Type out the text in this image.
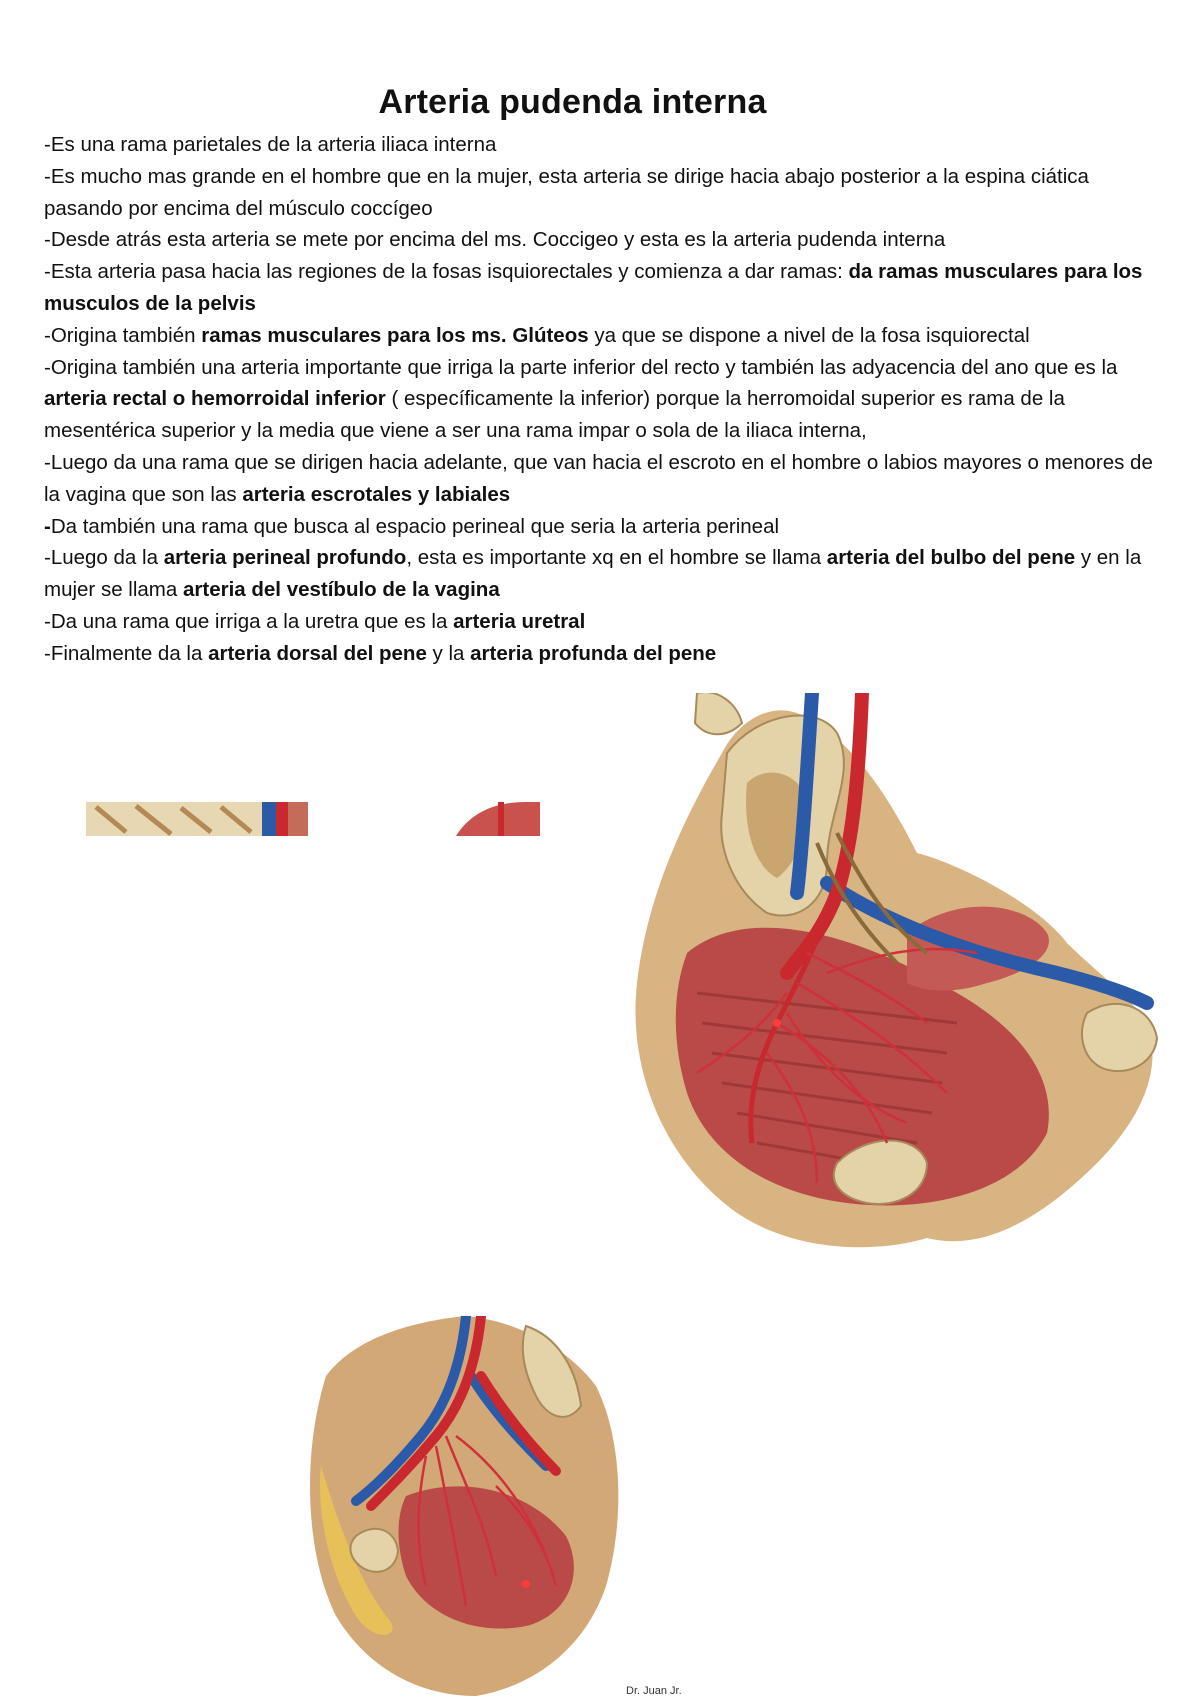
Arteria pudenda interna

-Es una rama parietales de la arteria iliaca interna

-Es mucho mas grande en el hombre que en la mujer, esta arteria se dirige hacia abajo posterior a la espina ciática pasando por encima del músculo coccígeo

-Desde atrás esta arteria se mete por encima del ms. Coccigeo y esta es la arteria pudenda interna

-Esta arteria pasa hacia las regiones de la fosas isquiorectales y comienza a dar ramas: da ramas musculares para los musculos de la pelvis

-Origina también ramas musculares para los ms. Glúteos ya que se dispone a nivel de la fosa isquiorectal

-Origina también una arteria importante que irriga la parte inferior del recto y también las adyacencia del ano que es la arteria rectal o hemorroidal inferior ( específicamente la inferior) porque la herromoidal superior es rama de la mesentérica superior y la media que viene a ser una rama impar o sola de la iliaca interna,

-Luego da una rama que se dirigen hacia adelante, que van hacia el escroto en el hombre o labios mayores o menores de la vagina que son las arteria escrotales y labiales

-Da también una rama que busca al espacio perineal que seria la arteria perineal

-Luego da la arteria perineal profundo, esta es importante xq en el hombre se llama arteria del bulbo del pene y en la mujer se llama arteria del vestíbulo de la vagina

-Da una rama que irriga a la uretra que es la arteria uretral

-Finalmente da la arteria dorsal del pene y la arteria profunda del pene

Dr. Juan Jr.
